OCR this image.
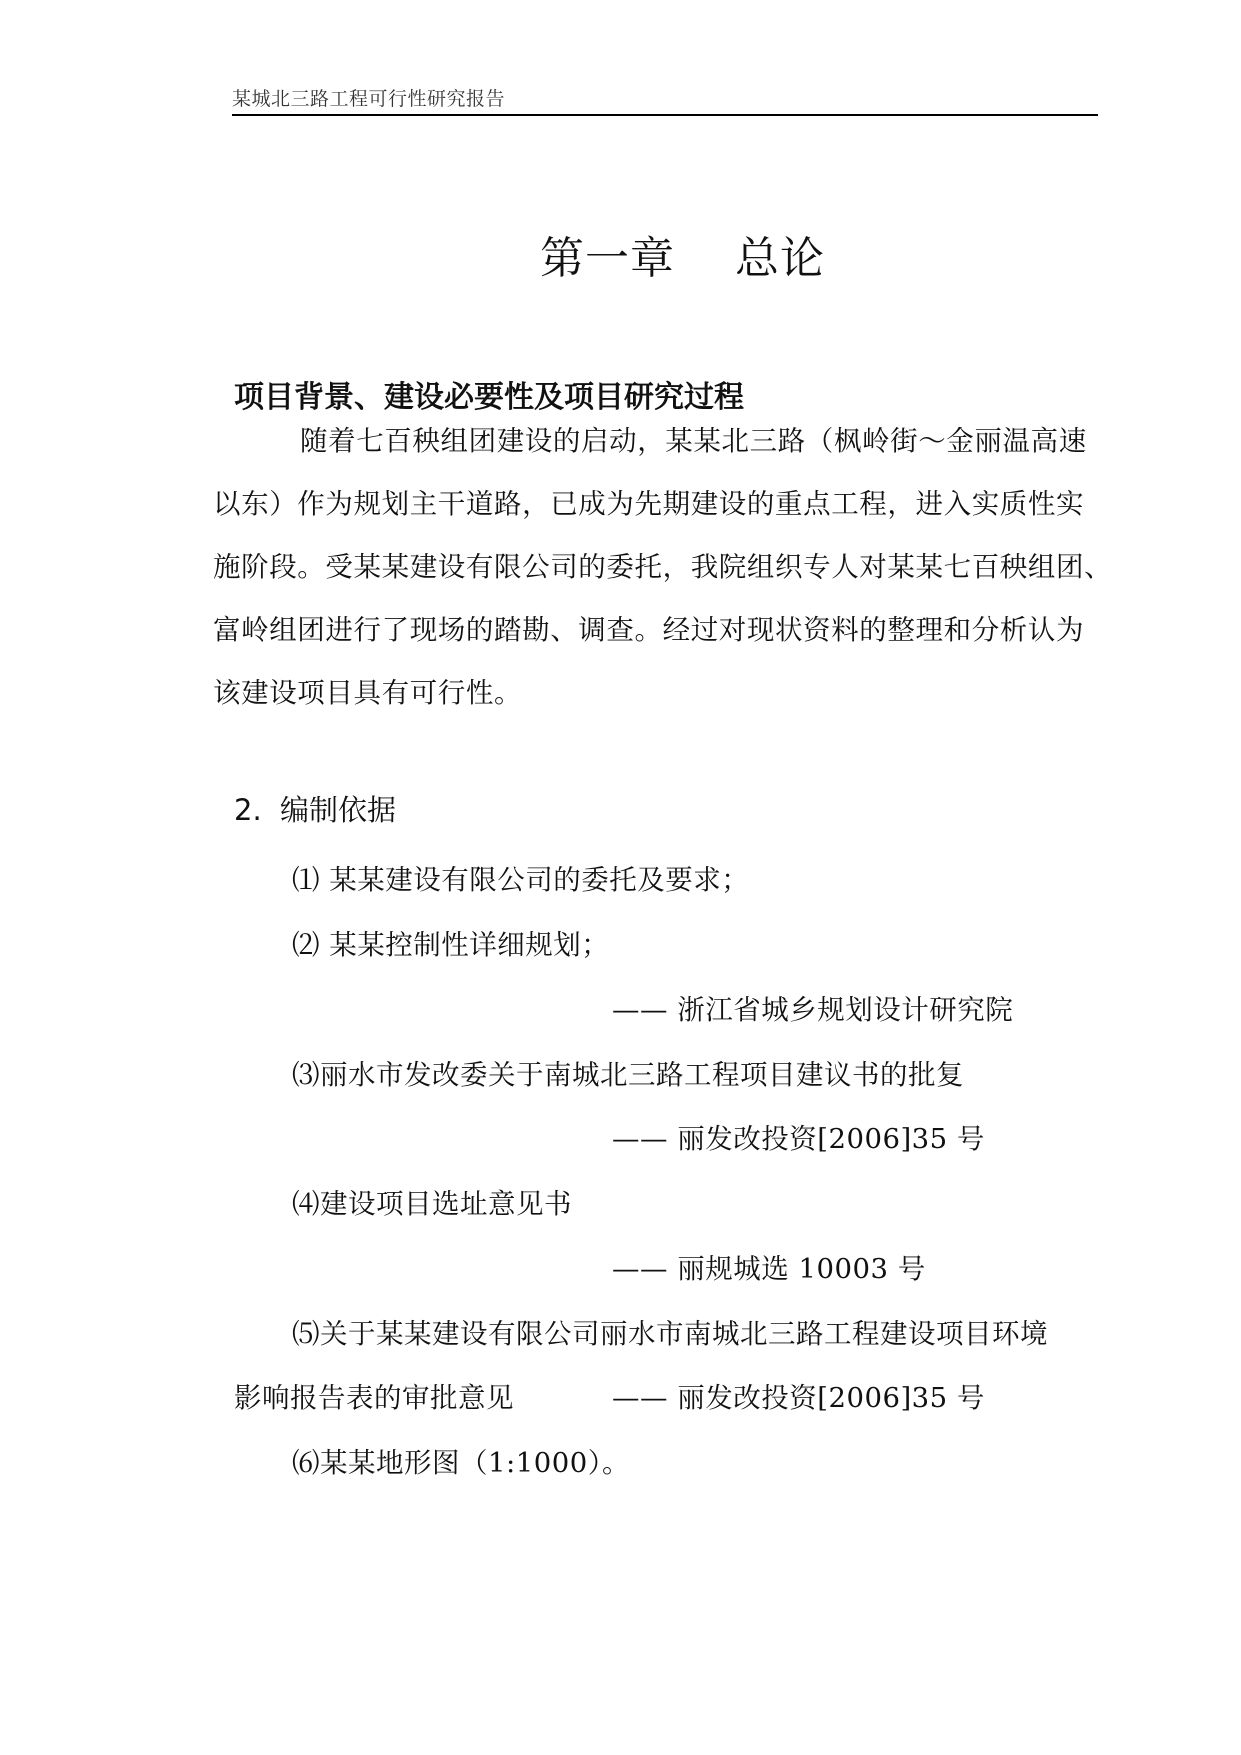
某城北三路工程可行性研究报告
第一章    总论
项目背景、建设必要性及项目研究过程
随着七百秧组团建设的启动，某某北三路（枫岭街～金丽温高速
以东）作为规划主干道路，已成为先期建设的重点工程，进入实质性实
施阶段。受某某建设有限公司的委托，我院组织专人对某某七百秧组团、
富岭组团进行了现场的踏勘、调查。经过对现状资料的整理和分析认为
该建设项目具有可行性。
2. 编制依据
⑴ 某某建设有限公司的委托及要求；
⑵ 某某控制性详细规划；
—— 浙江省城乡规划设计研究院
⑶丽水市发改委关于南城北三路工程项目建议书的批复
—— 丽发改投资[2006]35 号
⑷建设项目选址意见书
—— 丽规城选 10003 号
⑸关于某某建设有限公司丽水市南城北三路工程建设项目环境
影响报告表的审批意见	—— 丽发改投资[2006]35 号
⑹某某地形图（1:1000）。
